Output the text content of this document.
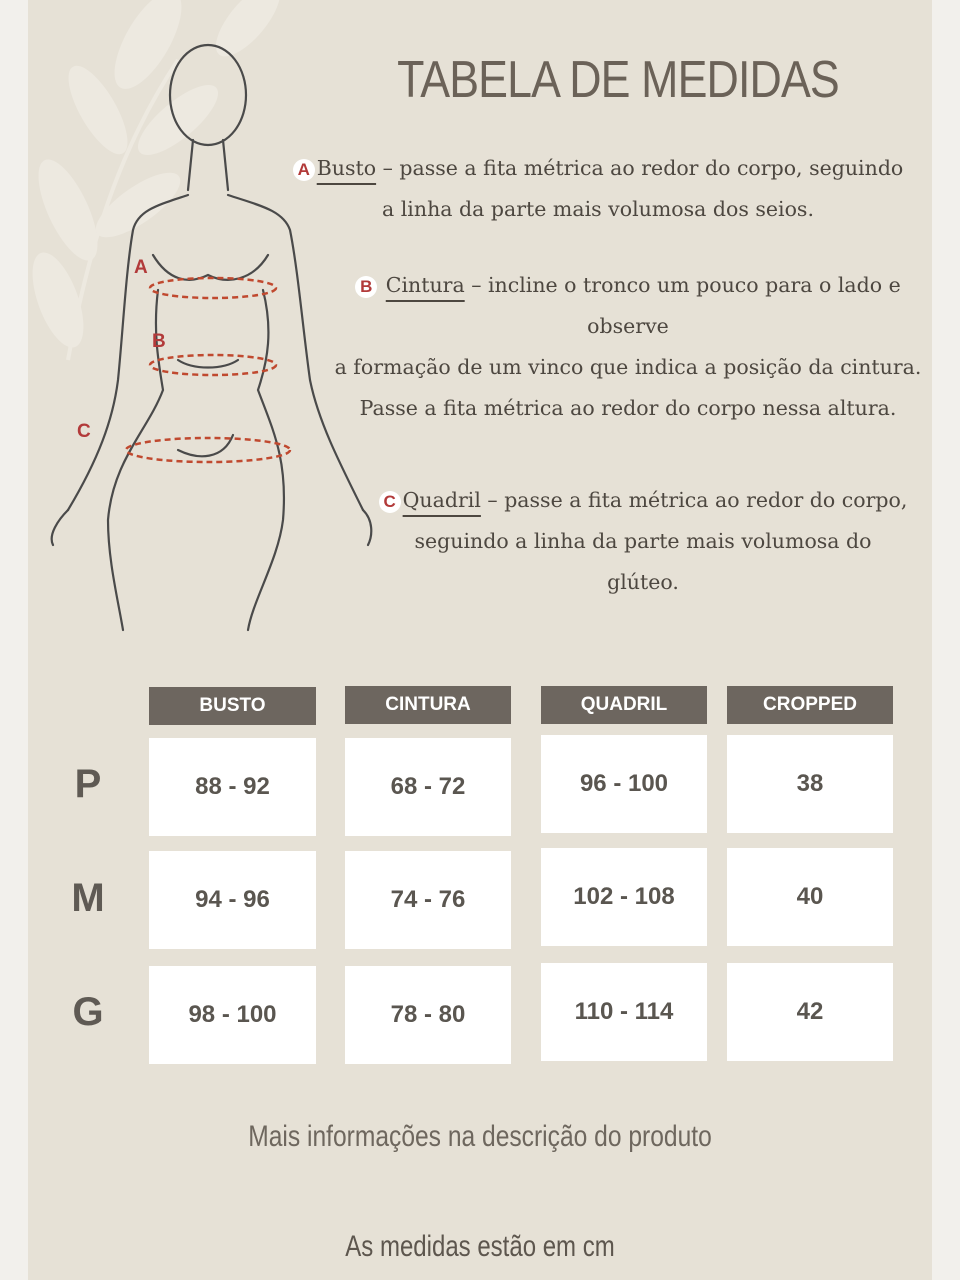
A
B
C
TABELA DE MEDIDAS
A Busto – passe a fita métrica ao redor do corpo, seguindo
a linha da parte mais volumosa dos seios.
B Cintura – incline o tronco um pouco para o lado e
observe
a formação de um vinco que indica a posição da cintura.
Passe a fita métrica ao redor do corpo nessa altura.
C Quadril – passe a fita métrica ao redor do corpo,
seguindo a linha da parte mais volumosa do
glúteo.
BUSTO	CINTURA	QUADRIL	CROPPED
P	88 - 92	68 - 72	96 - 100	38
M	94 - 96	74 - 76	102 - 108	40
G	98 - 100	78 - 80	110 - 114	42
Mais informações na descrição do produto
As medidas estão em cm
